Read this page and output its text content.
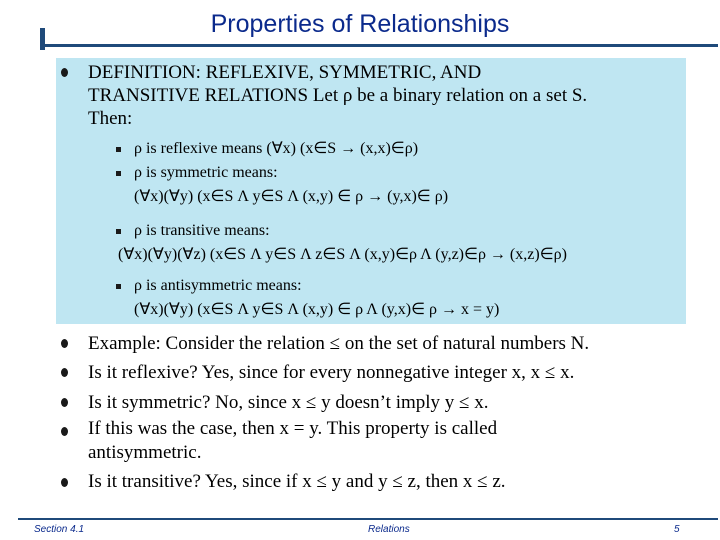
Properties of Relationships
DEFINITION: REFLEXIVE, SYMMETRIC, AND
TRANSITIVE RELATIONS Let ρ be a binary relation on a set S.
Then:
ρ is reflexive means (∀x) (x∈S → (x,x)∈ρ)
ρ is symmetric means:
(∀x)(∀y) (x∈S Λ y∈S Λ (x,y) ∈ ρ → (y,x)∈ ρ)
ρ is transitive means:
(∀x)(∀y)(∀z) (x∈S Λ y∈S Λ z∈S Λ (x,y)∈ρ Λ (y,z)∈ρ → (x,z)∈ρ)
ρ is antisymmetric means:
(∀x)(∀y) (x∈S Λ y∈S Λ (x,y) ∈ ρ Λ (y,x)∈ ρ → x = y)
Example: Consider the relation ≤ on the set of natural numbers N.
Is it reflexive? Yes, since for every nonnegative integer x, x ≤ x.
Is it symmetric? No, since x ≤ y doesn’t imply y ≤ x.
If this was the case, then x = y. This property is called
antisymmetric.
Is it transitive? Yes, since if x ≤ y and y ≤ z, then x ≤ z.
Section 4.1	Relations	5
